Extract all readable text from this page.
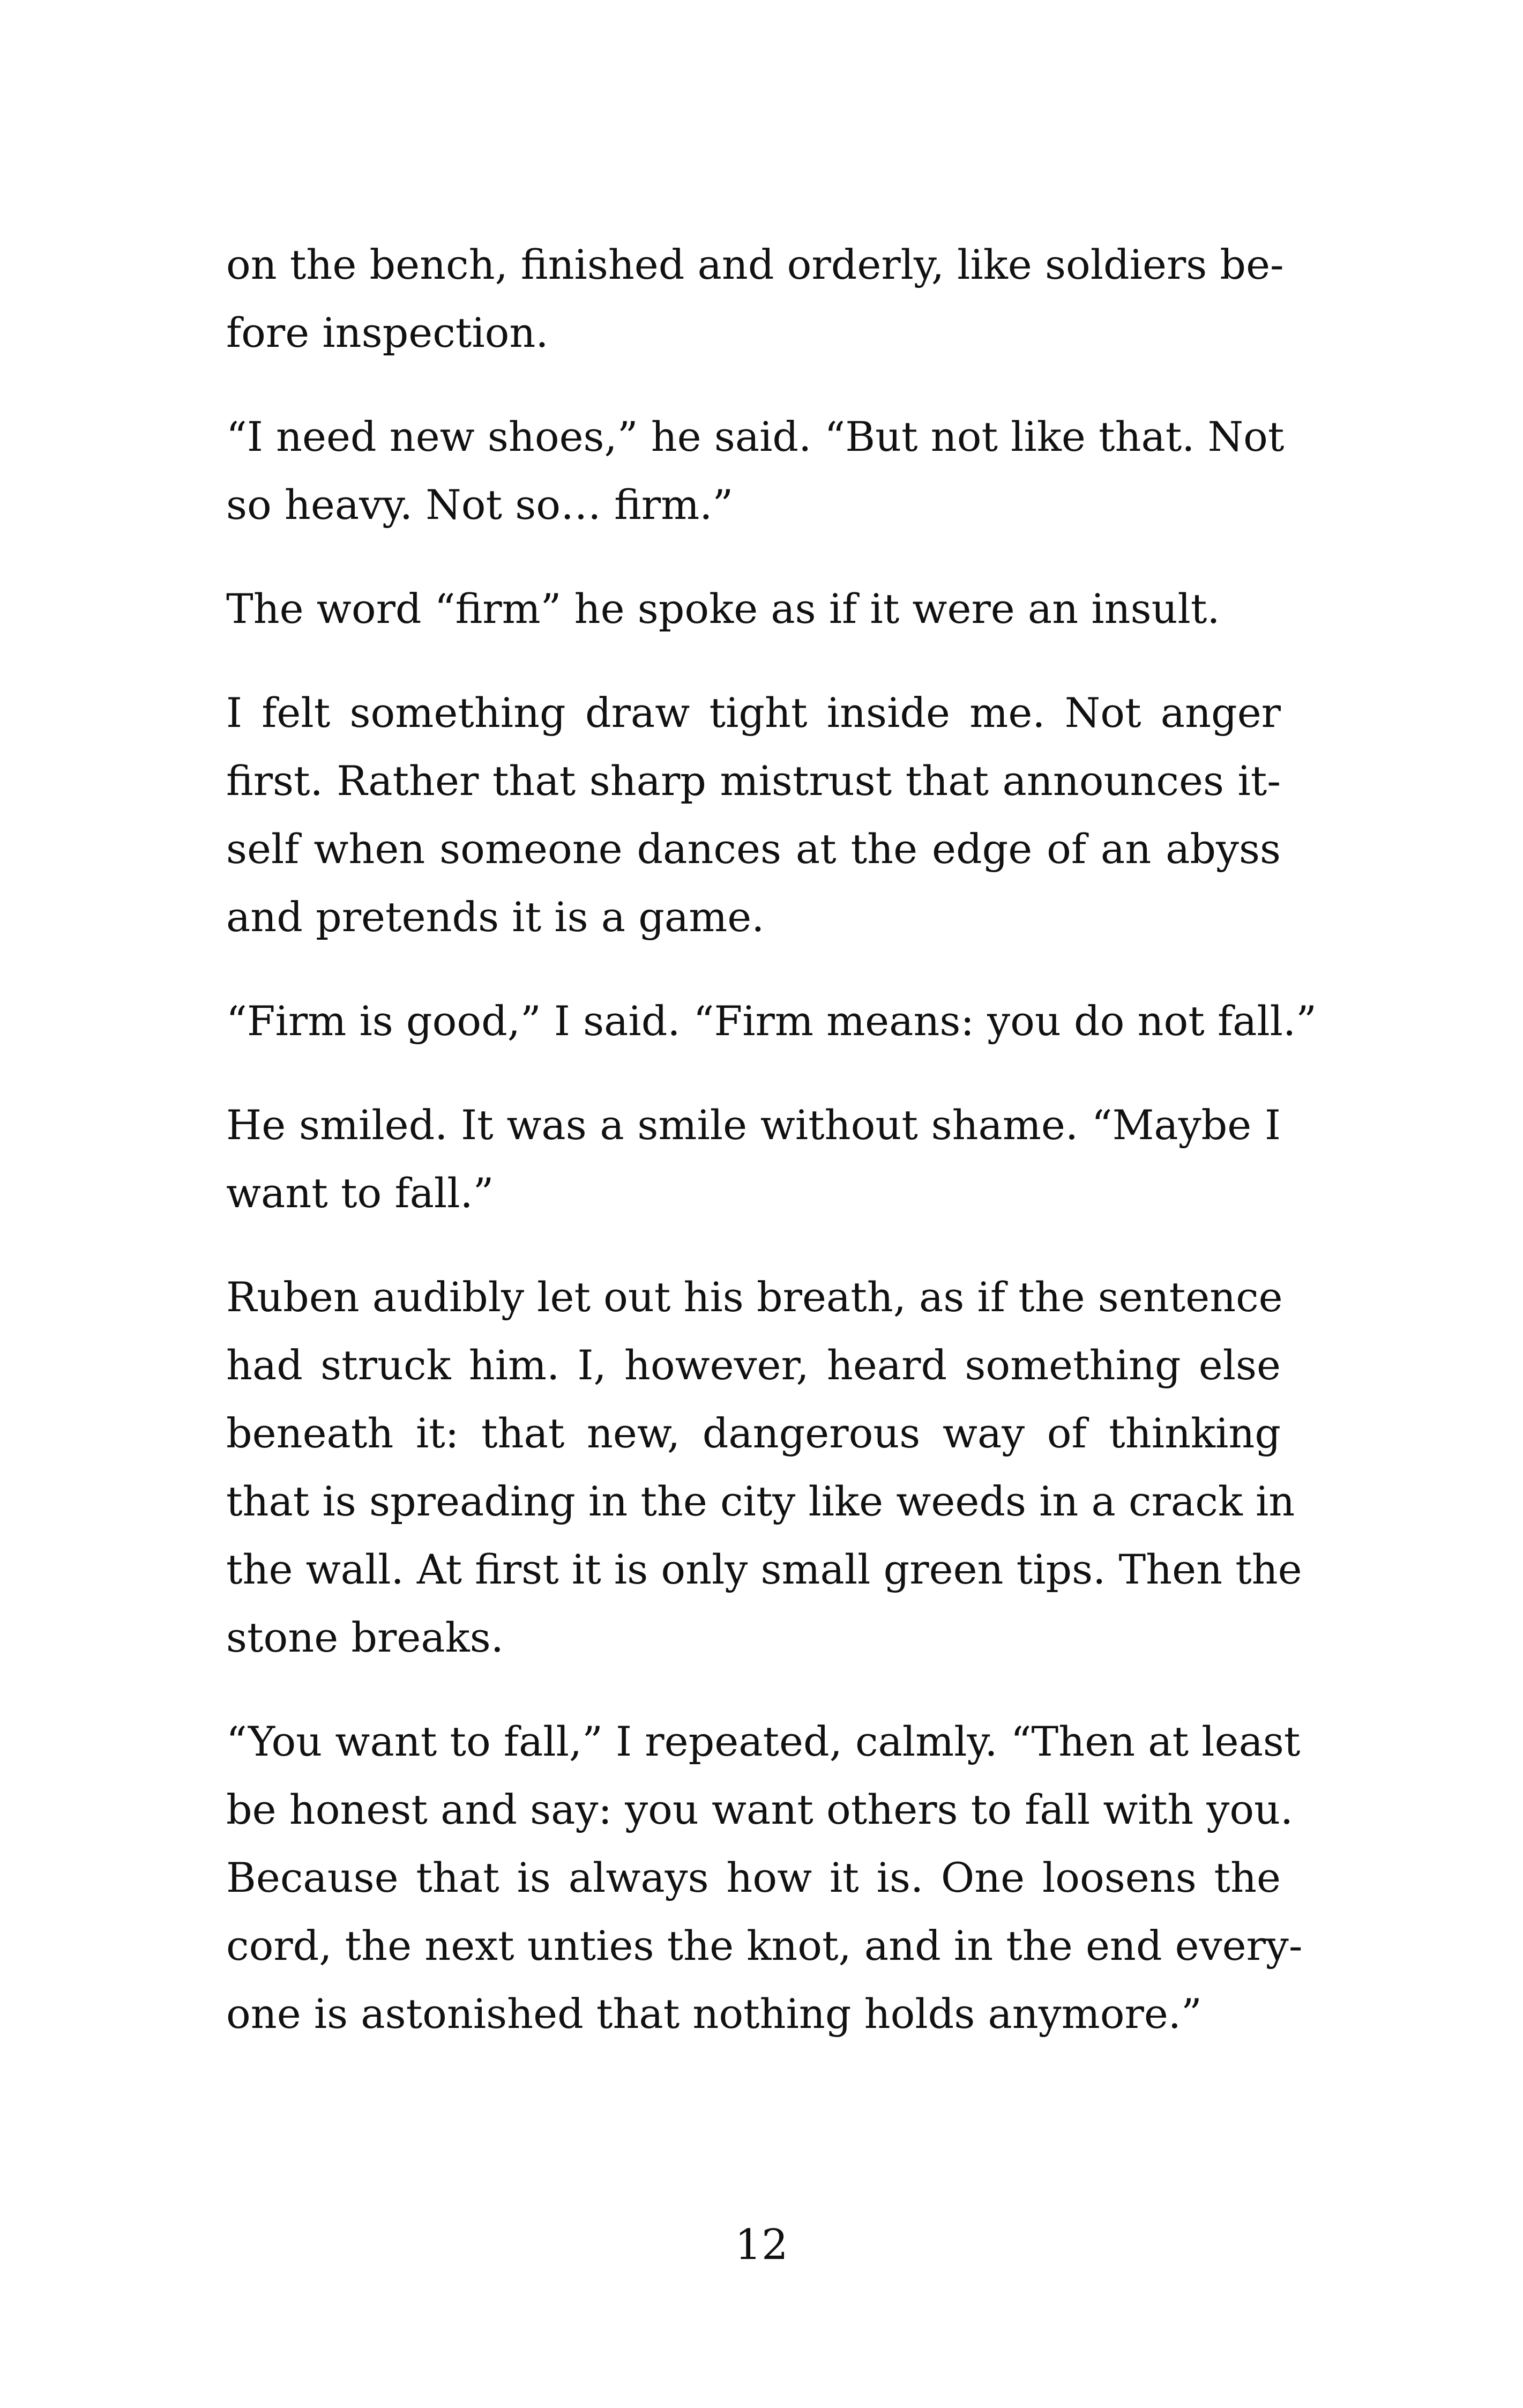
on the bench, finished and orderly, like soldiers be-
fore inspection.

“I need new shoes,” he said. “But not like that. Not
so heavy. Not so… firm.”

The word “firm” he spoke as if it were an insult.

I felt something draw tight inside me. Not anger
first. Rather that sharp mistrust that announces it-
self when someone dances at the edge of an abyss
and pretends it is a game.

“Firm is good,” I said. “Firm means: you do not fall.”

He smiled. It was a smile without shame. “Maybe I
want to fall.”

Ruben audibly let out his breath, as if the sentence
had struck him. I, however, heard something else
beneath it: that new, dangerous way of thinking
that is spreading in the city like weeds in a crack in
the wall. At first it is only small green tips. Then the
stone breaks.

“You want to fall,” I repeated, calmly. “Then at least
be honest and say: you want others to fall with you.
Because that is always how it is. One loosens the
cord, the next unties the knot, and in the end every-
one is astonished that nothing holds anymore.”

12
